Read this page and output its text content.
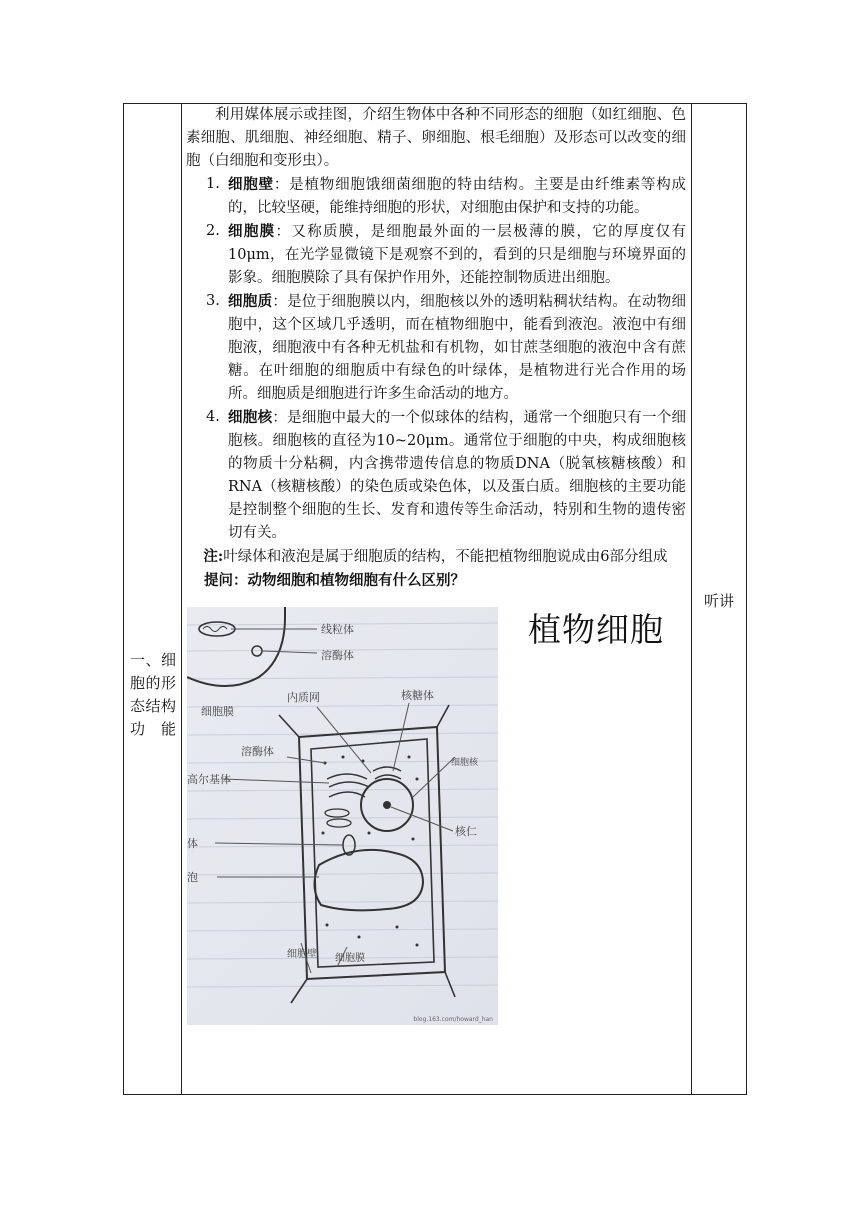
一、细胞的形态结构功能
听讲

利用媒体展示或挂图，介绍生物体中各种不同形态的细胞（如红细胞、色素细胞、肌细胞、神经细胞、精子、卵细胞、根毛细胞）及形态可以改变的细胞（白细胞和变形虫）。

1. 细胞壁：是植物细胞饿细菌细胞的特由结构。主要是由纤维素等构成的，比较坚硬，能维持细胞的形状，对细胞由保护和支持的功能。
2. 细胞膜：又称质膜，是细胞最外面的一层极薄的膜，它的厚度仅有10μm，在光学显微镜下是观察不到的，看到的只是细胞与环境界面的影象。细胞膜除了具有保护作用外，还能控制物质进出细胞。
3. 细胞质：是位于细胞膜以内，细胞核以外的透明粘稠状结构。在动物细胞中，这个区域几乎透明，而在植物细胞中，能看到液泡。液泡中有细胞液，细胞液中有各种无机盐和有机物，如甘蔗茎细胞的液泡中含有蔗糖。在叶细胞的细胞质中有绿色的叶绿体，是植物进行光合作用的场所。细胞质是细胞进行许多生命活动的地方。
4. 细胞核：是细胞中最大的一个似球体的结构，通常一个细胞只有一个细胞核。细胞核的直径为10~20μm。通常位于细胞的中央，构成细胞核的物质十分粘稠，内含携带遗传信息的物质DNA（脱氧核糖核酸）和RNA（核糖核酸）的染色质或染色体，以及蛋白质。细胞核的主要功能是控制整个细胞的生长、发育和遗传等生命活动，特别和生物的遗传密切有关。

注:叶绿体和液泡是属于细胞质的结构，不能把植物细胞说成由6部分组成

提问：动物细胞和植物细胞有什么区别？

线粒体
溶酶体
细胞膜
内质网	核糖体
溶酶体
高尔基体
细胞核
核仁
体
泡
细胞壁 细胞膜
blog.163.com/howard_han
植物细胞
